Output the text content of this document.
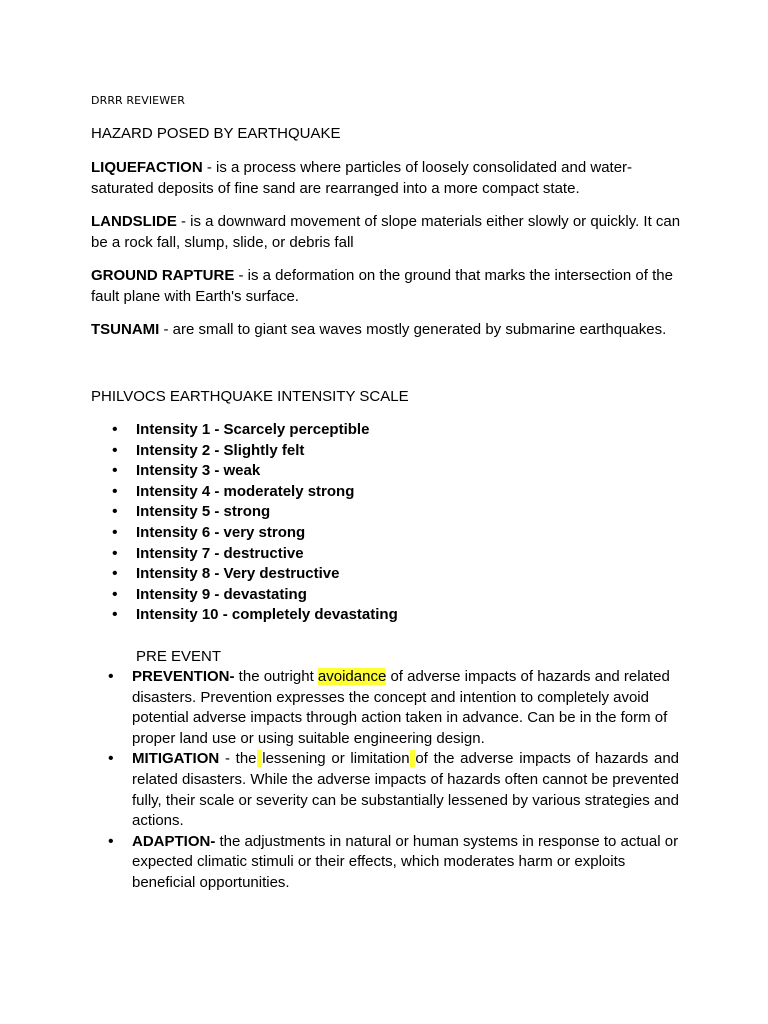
DRRR REVIEWER
HAZARD POSED BY EARTHQUAKE

LIQUEFACTION - is a process where particles of loosely consolidated and water-saturated deposits of fine sand are rearranged into a more compact state.

LANDSLIDE - is a downward movement of slope materials either slowly or quickly. It can be a rock fall, slump, slide, or debris fall

GROUND RAPTURE - is a deformation on the ground that marks the intersection of the fault plane with Earth's surface.

TSUNAMI - are small to giant sea waves mostly generated by submarine earthquakes.

PHILVOCS EARTHQUAKE INTENSITY SCALE
• Intensity 1 - Scarcely perceptible
• Intensity 2 - Slightly felt
• Intensity 3 - weak
• Intensity 4 - moderately strong
• Intensity 5 - strong
• Intensity 6 - very strong
• Intensity 7 - destructive
• Intensity 8 - Very destructive
• Intensity 9 - devastating
• Intensity 10 - completely devastating
PRE EVENT
• PREVENTION- the outright avoidance of adverse impacts of hazards and related disasters. Prevention expresses the concept and intention to completely avoid potential adverse impacts through action taken in advance. Can be in the form of proper land use or using suitable engineering design.
• MITIGATION - the lessening or limitation of the adverse impacts of hazards and related disasters. While the adverse impacts of hazards often cannot be prevented fully, their scale or severity can be substantially lessened by various strategies and actions.
• ADAPTION- the adjustments in natural or human systems in response to actual or expected climatic stimuli or their effects, which moderates harm or exploits beneficial opportunities.
